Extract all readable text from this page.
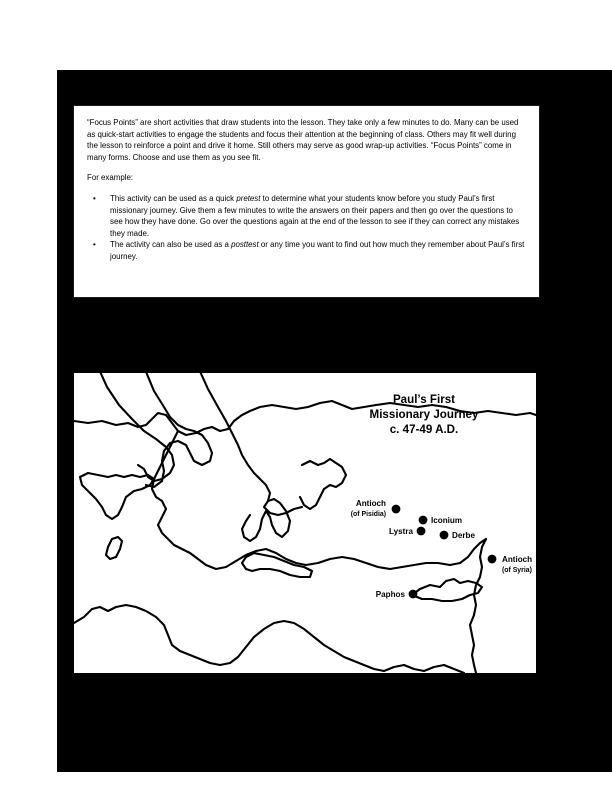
“Focus Points” are short activities that draw students into the lesson. They take only a few minutes to do. Many can be used as quick-start activities to engage the students and focus their attention at the beginning of class. Others may fit well during the lesson to reinforce a point and drive it home. Still others may serve as good wrap-up activities. “Focus Points” come in many forms. Choose and use them as you see fit.

For example:

• This activity can be used as a quick pretest to determine what your students know before you study Paul’s first missionary journey. Give them a few minutes to write the answers on their papers and then go over the questions to see how they have done. Go over the questions again at the end of the lesson to see if they can correct any mistakes they made.
• The activity can also be used as a posttest or any time you want to find out how much they remember about Paul’s first journey.
Paul’s First
Missionary Journey
c. 47-49 A.D.
Antioch
(of Pisidia)
Iconium
Lystra	Derbe
Antioch
(of Syria)
Paphos
